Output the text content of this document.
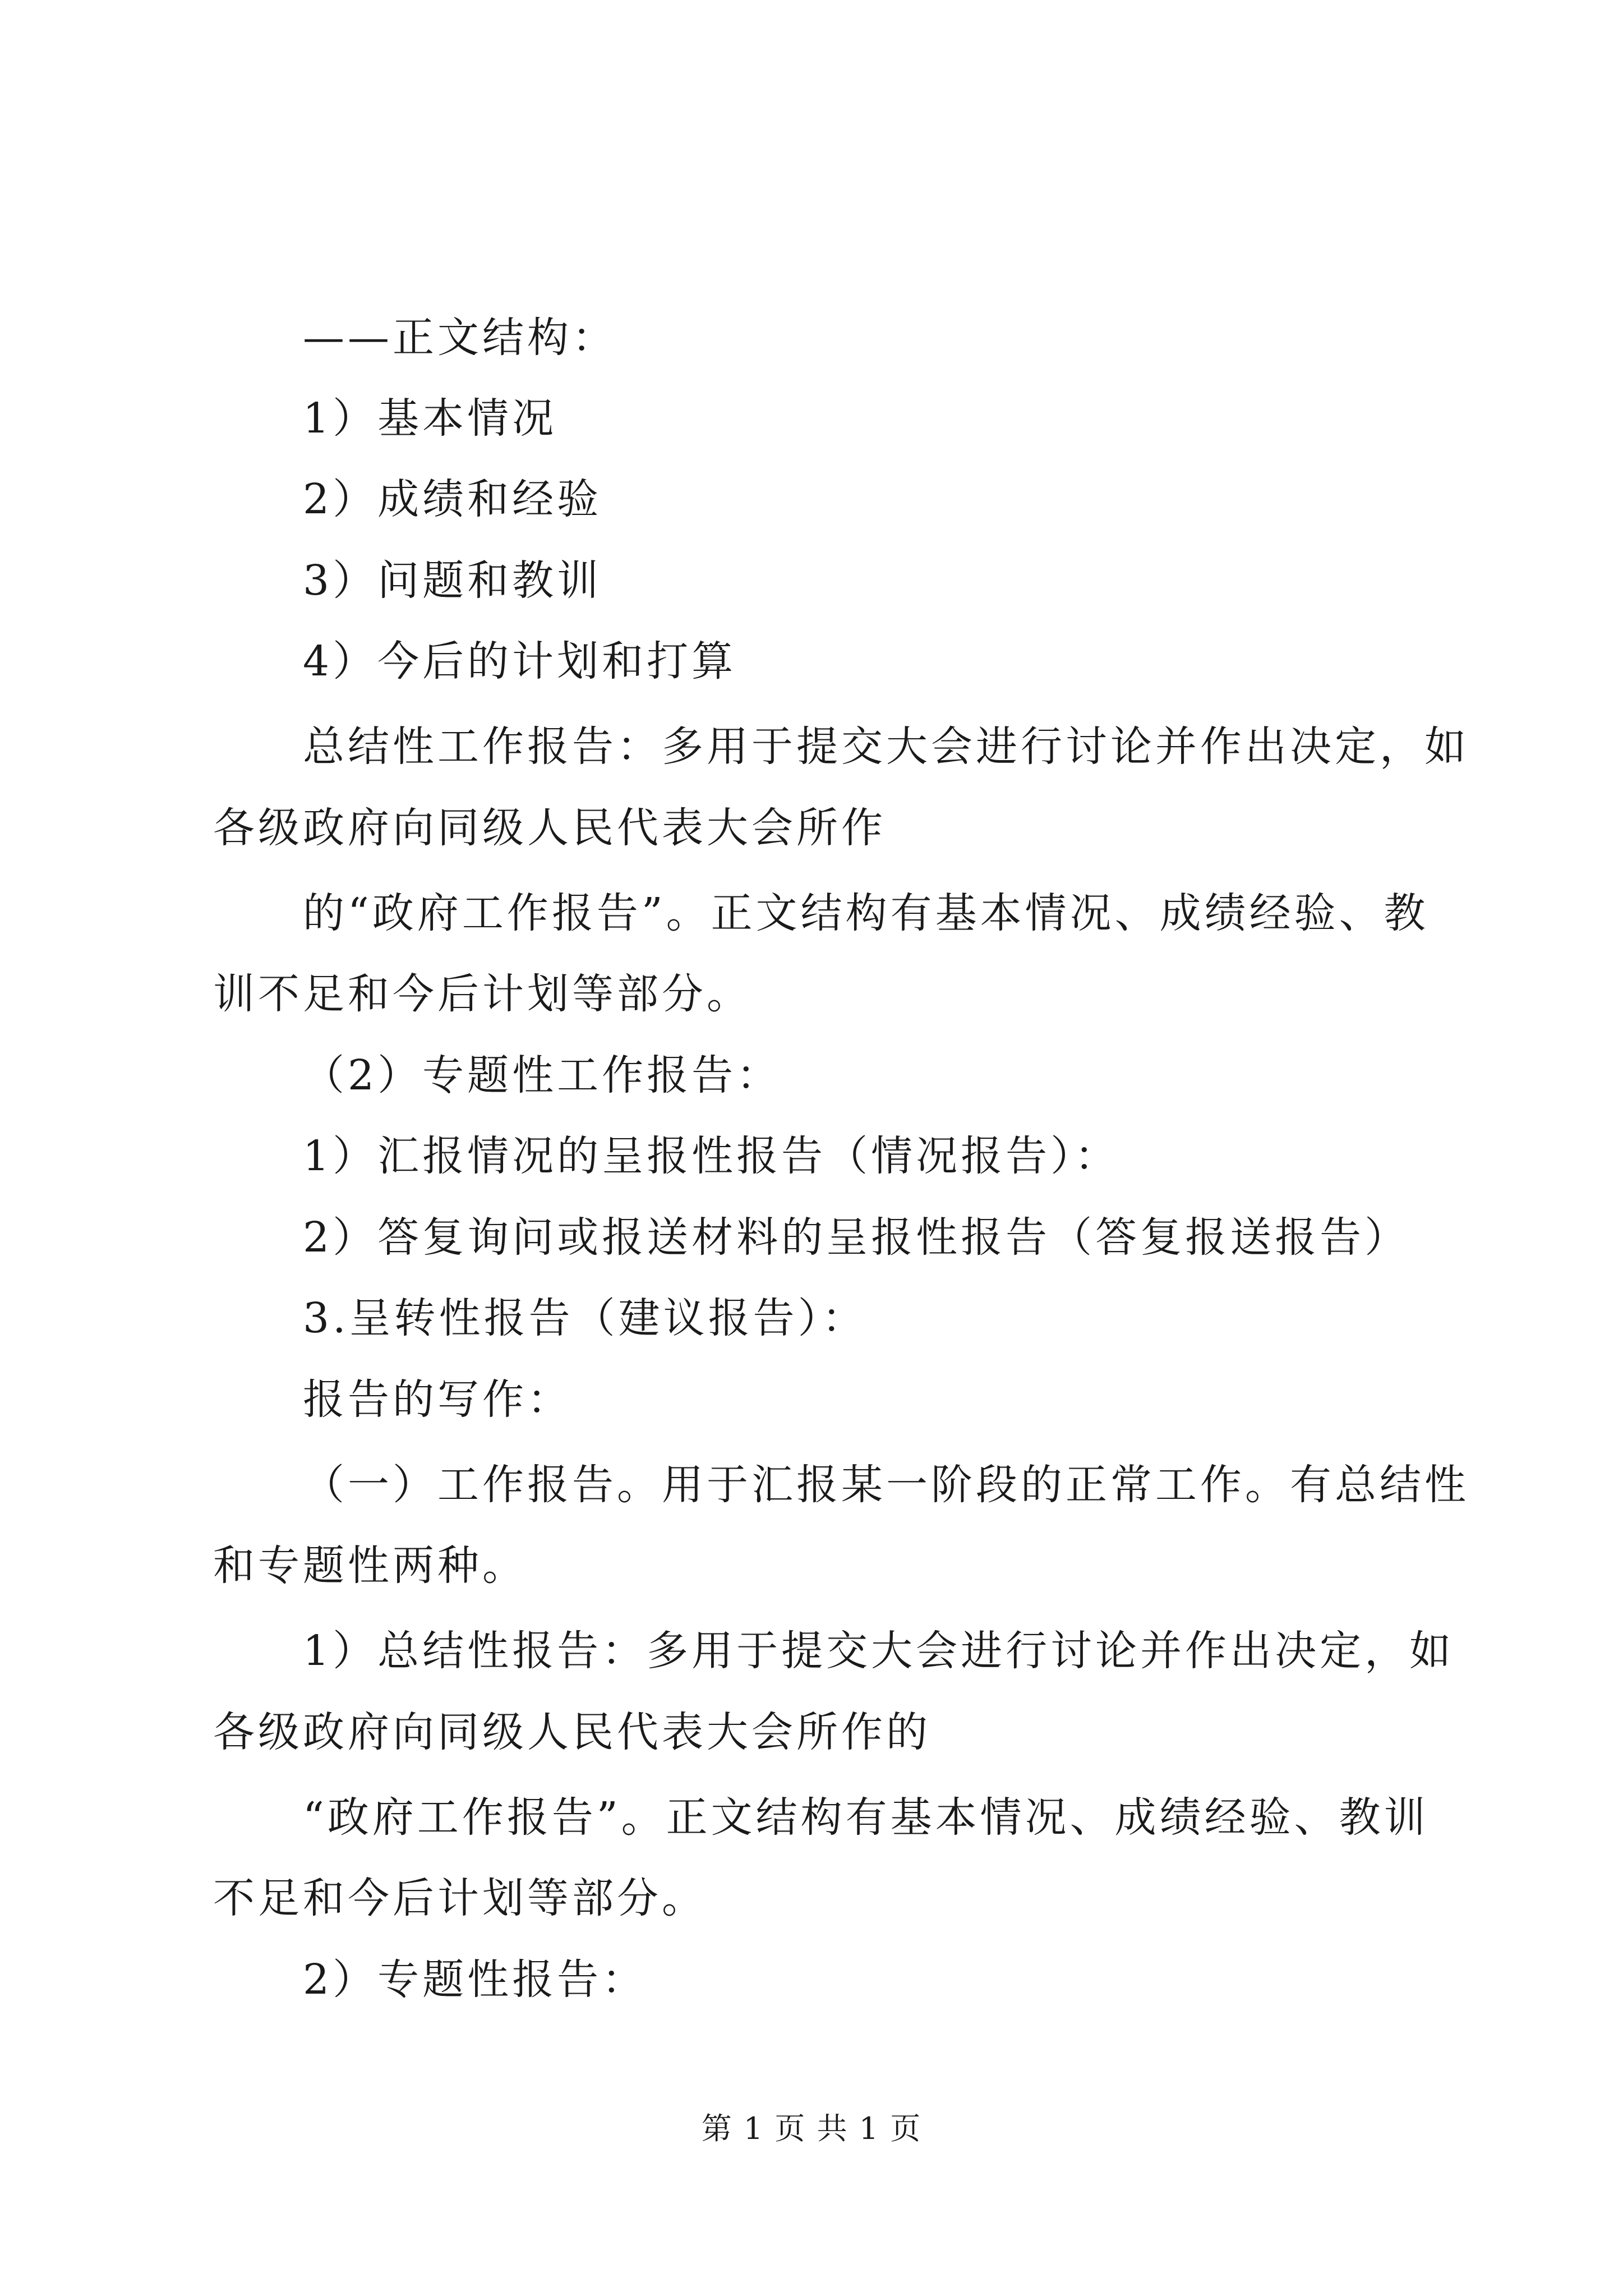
——正文结构：
1）基本情况
2）成绩和经验
3）问题和教训
4）今后的计划和打算
总结性工作报告：多用于提交大会进行讨论并作出决定，如
各级政府向同级人民代表大会所作
的“政府工作报告”。正文结构有基本情况、成绩经验、教
训不足和今后计划等部分。
（2）专题性工作报告：
1）汇报情况的呈报性报告（情况报告）：
2）答复询问或报送材料的呈报性报告（答复报送报告）
3.呈转性报告（建议报告）：
报告的写作：
（一）工作报告。用于汇报某一阶段的正常工作。有总结性
和专题性两种。
1）总结性报告：多用于提交大会进行讨论并作出决定，如
各级政府向同级人民代表大会所作的
“政府工作报告”。正文结构有基本情况、成绩经验、教训
不足和今后计划等部分。
2）专题性报告：
第 1 页 共 1 页
